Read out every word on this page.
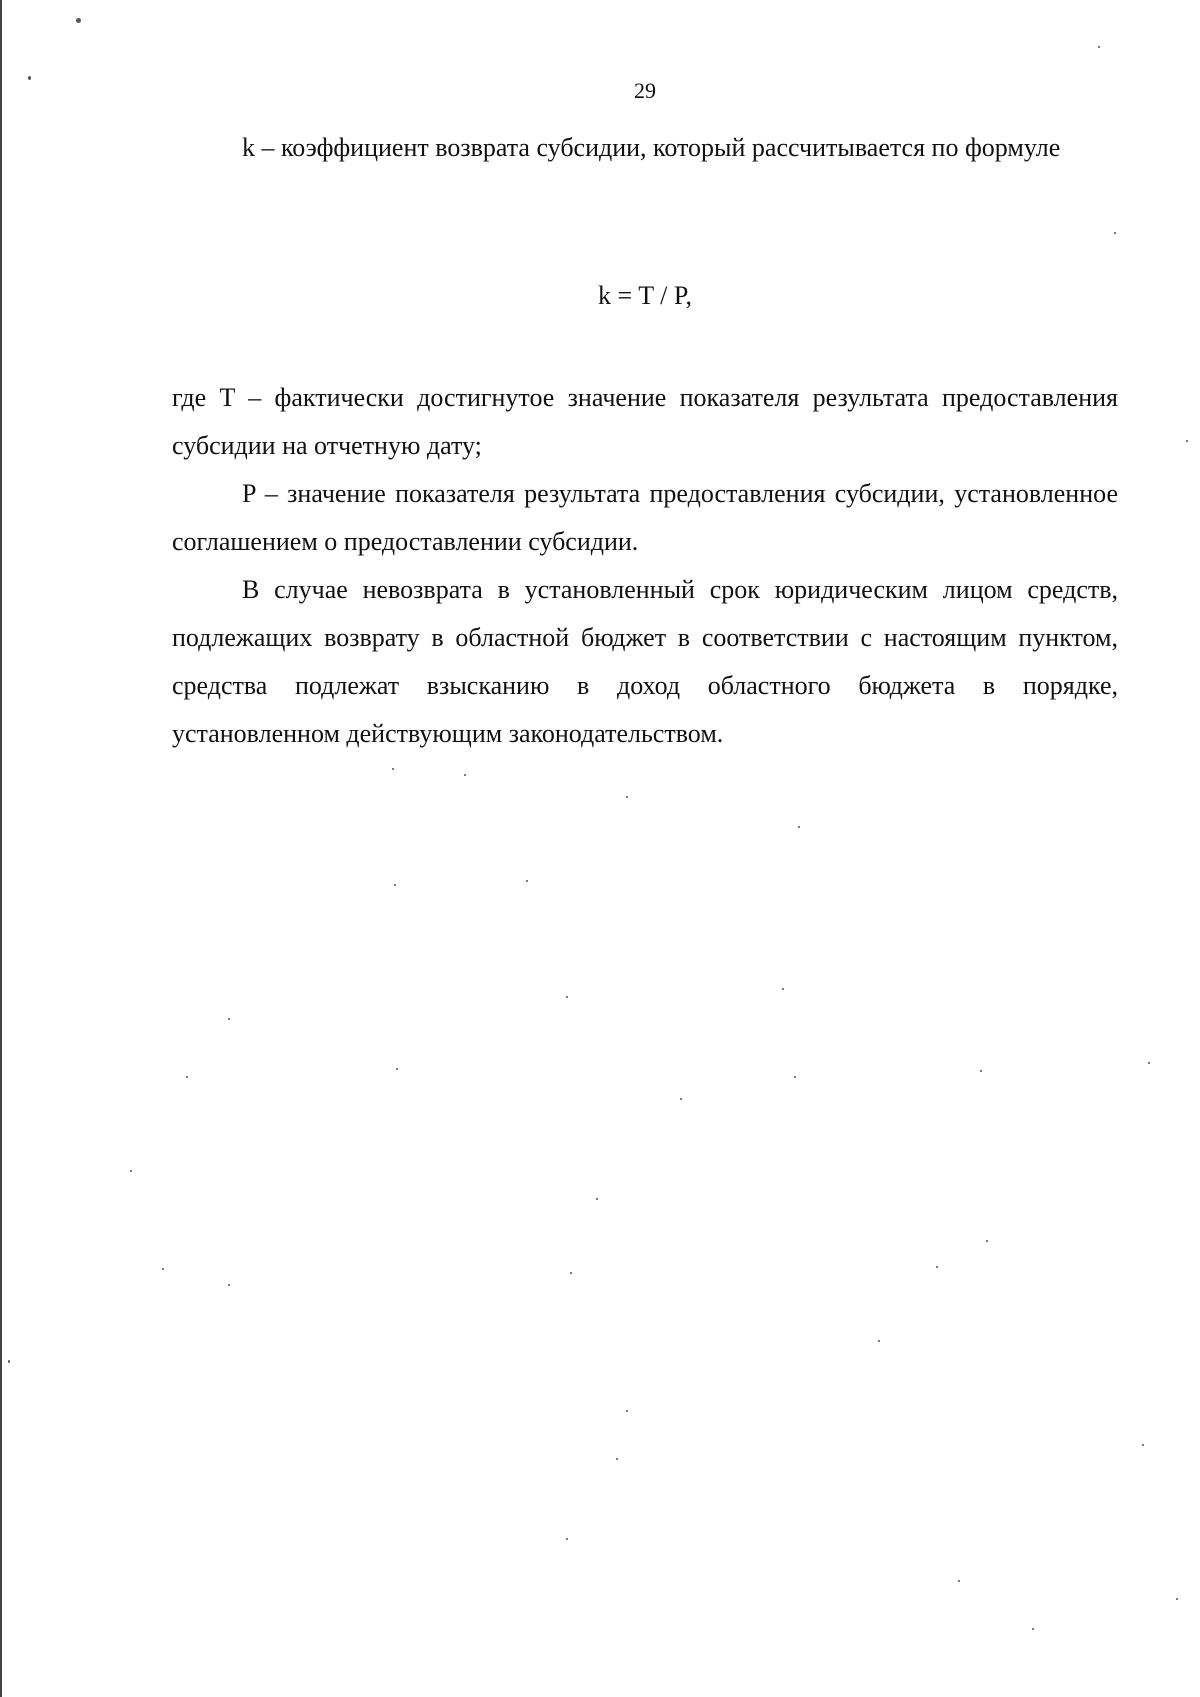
29

k – коэффициент возврата субсидии, который рассчитывается по формуле

k = T / P,

где T – фактически достигнутое значение показателя результата предоставления субсидии на отчетную дату;

P – значение показателя результата предоставления субсидии, установленное соглашением о предоставлении субсидии.

В случае невозврата в установленный срок юридическим лицом средств, подлежащих возврату в областной бюджет в соответствии с настоящим пунктом, средства подлежат взысканию в доход областного бюджета в порядке, установленном действующим законодательством.
